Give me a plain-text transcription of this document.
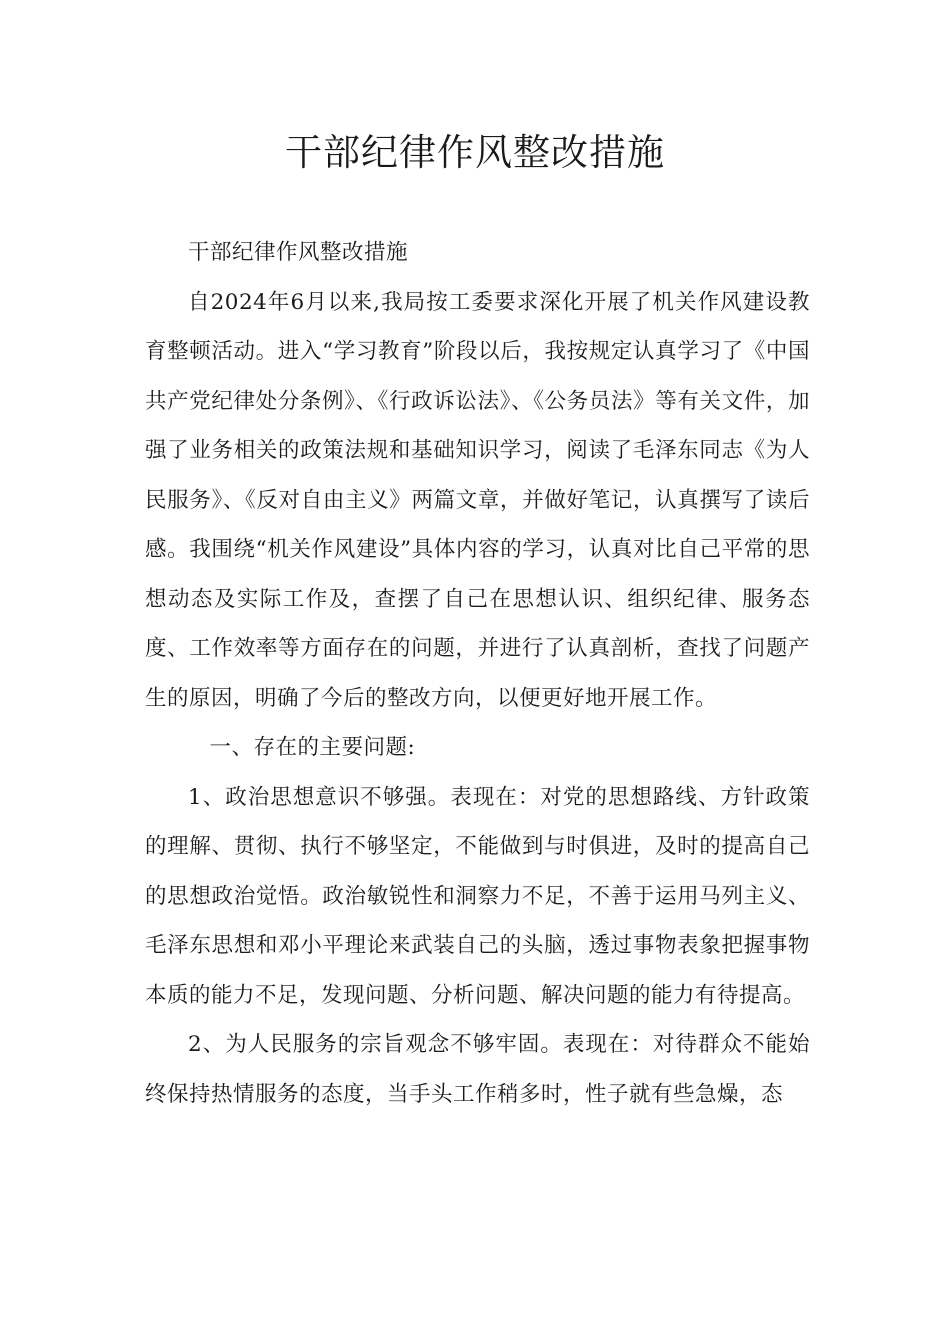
干部纪律作风整改措施

干部纪律作风整改措施

自2024年6月以来,我局按工委要求深化开展了机关作风建设教育整顿活动。进入“学习教育”阶段以后，我按规定认真学习了《中国共产党纪律处分条例》、《行政诉讼法》、《公务员法》等有关文件，加强了业务相关的政策法规和基础知识学习，阅读了毛泽东同志《为人民服务》、《反对自由主义》两篇文章，并做好笔记，认真撰写了读后感。我围绕“机关作风建设”具体内容的学习，认真对比自己平常的思想动态及实际工作及，查摆了自己在思想认识、组织纪律、服务态度、工作效率等方面存在的问题，并进行了认真剖析，查找了问题产生的原因，明确了今后的整改方向，以便更好地开展工作。

一、存在的主要问题:

1、政治思想意识不够强。表现在：对党的思想路线、方针政策的理解、贯彻、执行不够坚定，不能做到与时俱进，及时的提高自己的思想政治觉悟。政治敏锐性和洞察力不足，不善于运用马列主义、毛泽东思想和邓小平理论来武装自己的头脑，透过事物表象把握事物本质的能力不足，发现问题、分析问题、解决问题的能力有待提高。

2、为人民服务的宗旨观念不够牢固。表现在：对待群众不能始终保持热情服务的态度，当手头工作稍多时，性子就有些急燥，态
